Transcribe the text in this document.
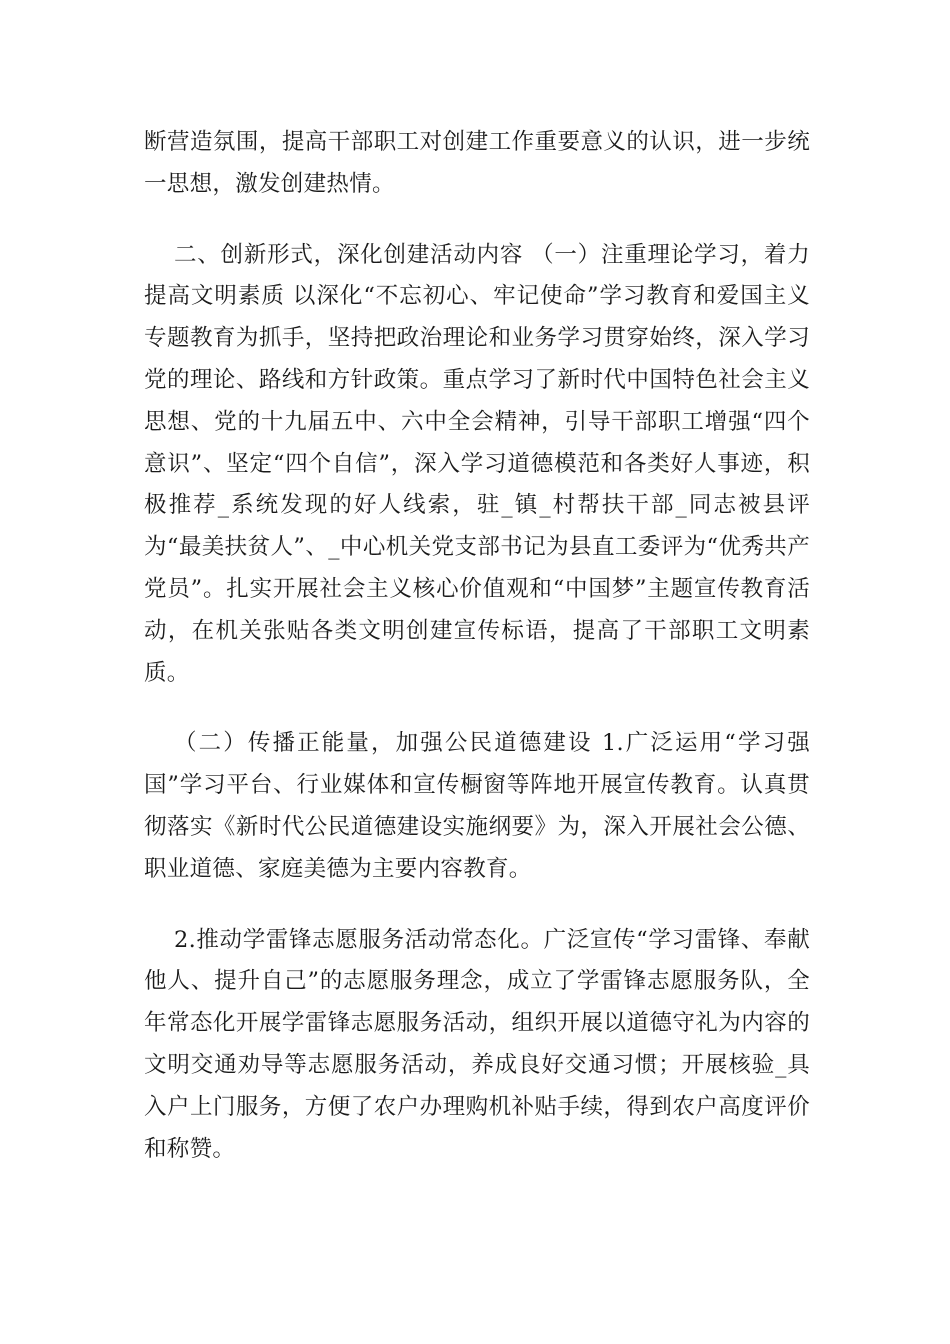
断营造氛围，提高干部职工对创建工作重要意义的认识，进一步统一思想，激发创建热情。

二、创新形式，深化创建活动内容 （一）注重理论学习，着力提高文明素质 以深化“不忘初心、牢记使命”学习教育和爱国主义专题教育为抓手，坚持把政治理论和业务学习贯穿始终，深入学习党的理论、路线和方针政策。重点学习了新时代中国特色社会主义思想、党的十九届五中、六中全会精神，引导干部职工增强“四个意识”、坚定“四个自信”，深入学习道德模范和各类好人事迹，积极推荐_系统发现的好人线索，驻_镇_村帮扶干部_同志被县评为“最美扶贫人”、_中心机关党支部书记为县直工委评为“优秀共产党员”。扎实开展社会主义核心价值观和“中国梦”主题宣传教育活动，在机关张贴各类文明创建宣传标语，提高了干部职工文明素质。

（二）传播正能量，加强公民道德建设 1.广泛运用“学习强国”学习平台、行业媒体和宣传橱窗等阵地开展宣传教育。认真贯彻落实《新时代公民道德建设实施纲要》为，深入开展社会公德、职业道德、家庭美德为主要内容教育。

2.推动学雷锋志愿服务活动常态化。广泛宣传“学习雷锋、奉献他人、提升自己”的志愿服务理念，成立了学雷锋志愿服务队，全年常态化开展学雷锋志愿服务活动，组织开展以道德守礼为内容的文明交通劝导等志愿服务活动，养成良好交通习惯；开展核验_具入户上门服务，方便了农户办理购机补贴手续，得到农户高度评价和称赞。
